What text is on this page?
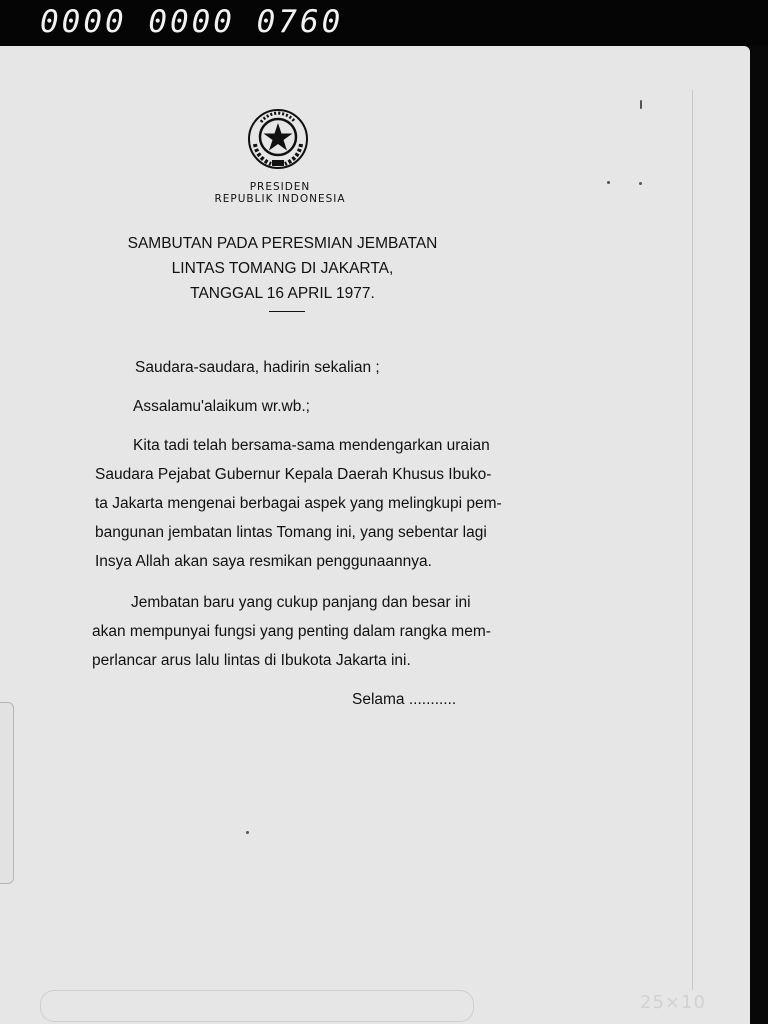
0000 0000 0760
25×10
PRESIDEN
REPUBLIK INDONESIA
SAMBUTAN PADA PERESMIAN JEMBATAN
LINTAS TOMANG DI JAKARTA,
TANGGAL 16 APRIL 1977.
Saudara-saudara, hadirin sekalian ;
Assalamu'alaikum wr.wb.;
Kita tadi telah bersama-sama mendengarkan uraian
Saudara Pejabat Gubernur Kepala Daerah Khusus Ibuko-
ta Jakarta mengenai berbagai aspek yang melingkupi pem-
bangunan jembatan lintas Tomang ini, yang sebentar lagi
Insya Allah akan saya resmikan penggunaannya.
Jembatan baru yang cukup panjang dan besar ini
akan mempunyai fungsi yang penting dalam rangka mem-
perlancar arus lalu lintas di Ibukota Jakarta ini.
Selama ...........
